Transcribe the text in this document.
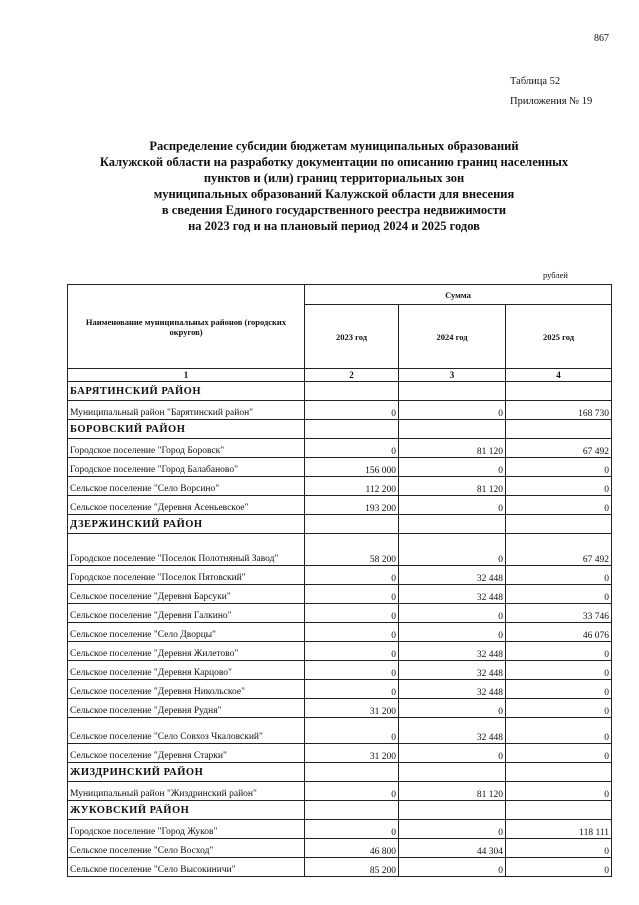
867
Таблица 52
Приложения № 19
Распределение субсидии бюджетам муниципальных образований
Калужской области на разработку документации по описанию границ населенных
пунктов и (или) границ территориальных зон
муниципальных образований Калужской области для внесения
в сведения Единого государственного реестра недвижимости
на 2023 год и на плановый период 2024 и 2025 годов
рублей
Наименование муниципальных районов (городских округов)	Сумма		
	2023 год	2024 год	2025 год
1	2	3	4
БАРЯТИНСКИЙ РАЙОН			
Муниципальный район "Барятинский район"	0	0	168 730
БОРОВСКИЙ РАЙОН			
Городское поселение "Город Боровск"	0	81 120	67 492
Городское поселение "Город Балабаново"	156 000	0	0
Сельское поселение "Село Ворсино"	112 200	81 120	0
Сельское поселение "Деревня Асеньевское"	193 200	0	0
ДЗЕРЖИНСКИЙ РАЙОН			
Городское поселение "Поселок Полотняный Завод"	58 200	0	67 492
Городское поселение "Поселок Пятовский"	0	32 448	0
Сельское поселение "Деревня Барсуки"	0	32 448	0
Сельское поселение "Деревня Галкино"	0	0	33 746
Сельское поселение "Село Дворцы"	0	0	46 076
Сельское поселение "Деревня Жилетово"	0	32 448	0
Сельское поселение "Деревня Карцово"	0	32 448	0
Сельское поселение "Деревня Никольское"	0	32 448	0
Сельское поселение "Деревня Рудня"	31 200	0	0
Сельское поселение "Село Совхоз Чкаловский"	0	32 448	0
Сельское поселение "Деревня Старки"	31 200	0	0
ЖИЗДРИНСКИЙ РАЙОН			
Муниципальный район "Жиздринский район"	0	81 120	0
ЖУКОВСКИЙ РАЙОН			
Городское поселение "Город Жуков"	0	0	118 111
Сельское поселение "Село Восход"	46 800	44 304	0
Сельское поселение "Село Высокиничи"	85 200	0	0
